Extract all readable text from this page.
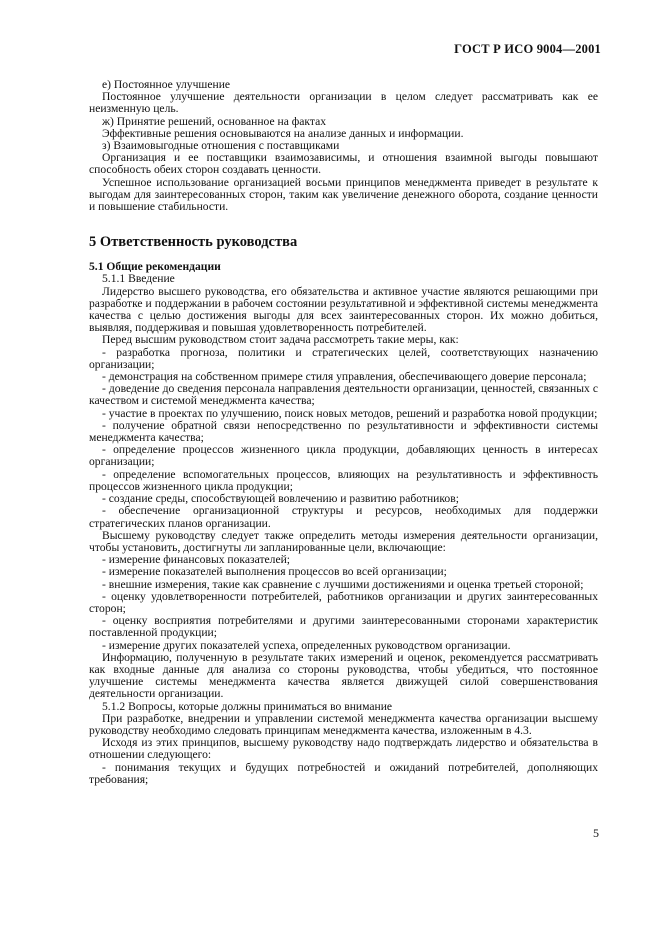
ГОСТ Р ИСО 9004—2001

е) Постоянное улучшение

Постоянное улучшение деятельности организации в целом следует рассматривать как ее неизменную цель.

ж) Принятие решений, основанное на фактах

Эффективные решения основываются на анализе данных и информации.

з) Взаимовыгодные отношения с поставщиками

Организация и ее поставщики взаимозависимы, и отношения взаимной выгоды повышают способность обеих сторон создавать ценности.

Успешное использование организацией восьми принципов менеджмента приведет в результате к выгодам для заинтересованных сторон, таким как увеличение денежного оборота, создание ценности и повышение стабильности.

5 Ответственность руководства
5.1 Общие рекомендации

5.1.1 Введение

Лидерство высшего руководства, его обязательства и активное участие являются решающими при разработке и поддержании в рабочем состоянии результативной и эффективной системы менеджмента качества с целью достижения выгоды для всех заинтересованных сторон. Их можно добиться, выявляя, поддерживая и повышая удовлетворенность потребителей.

Перед высшим руководством стоит задача рассмотреть такие меры, как:

- разработка прогноза, политики и стратегических целей, соответствующих назначению организации;

- демонстрация на собственном примере стиля управления, обеспечивающего доверие персонала;

- доведение до сведения персонала направления деятельности организации, ценностей, связанных с качеством и системой менеджмента качества;

- участие в проектах по улучшению, поиск новых методов, решений и разработка новой продукции;

- получение обратной связи непосредственно по результативности и эффективности системы менеджмента качества;

- определение процессов жизненного цикла продукции, добавляющих ценность в интересах организации;

- определение вспомогательных процессов, влияющих на результативность и эффективность процессов жизненного цикла продукции;

- создание среды, способствующей вовлечению и развитию работников;

- обеспечение организационной структуры и ресурсов, необходимых для поддержки стратегических планов организации.

Высшему руководству следует также определить методы измерения деятельности организации, чтобы установить, достигнуты ли запланированные цели, включающие:

- измерение финансовых показателей;

- измерение показателей выполнения процессов во всей организации;

- внешние измерения, такие как сравнение с лучшими достижениями и оценка третьей стороной;

- оценку удовлетворенности потребителей, работников организации и других заинтересованных сторон;

- оценку восприятия потребителями и другими заинтересованными сторонами характеристик поставленной продукции;

- измерение других показателей успеха, определенных руководством организации.

Информацию, полученную в результате таких измерений и оценок, рекомендуется рассматривать как входные данные для анализа со стороны руководства, чтобы убедиться, что постоянное улучшение системы менеджмента качества является движущей силой совершенствования деятельности организации.

5.1.2 Вопросы, которые должны приниматься во внимание

При разработке, внедрении и управлении системой менеджмента качества организации высшему руководству необходимо следовать принципам менеджмента качества, изложенным в 4.3.

Исходя из этих принципов, высшему руководству надо подтверждать лидерство и обязательства в отношении следующего:

- понимания текущих и будущих потребностей и ожиданий потребителей, дополняющих требования;

5
